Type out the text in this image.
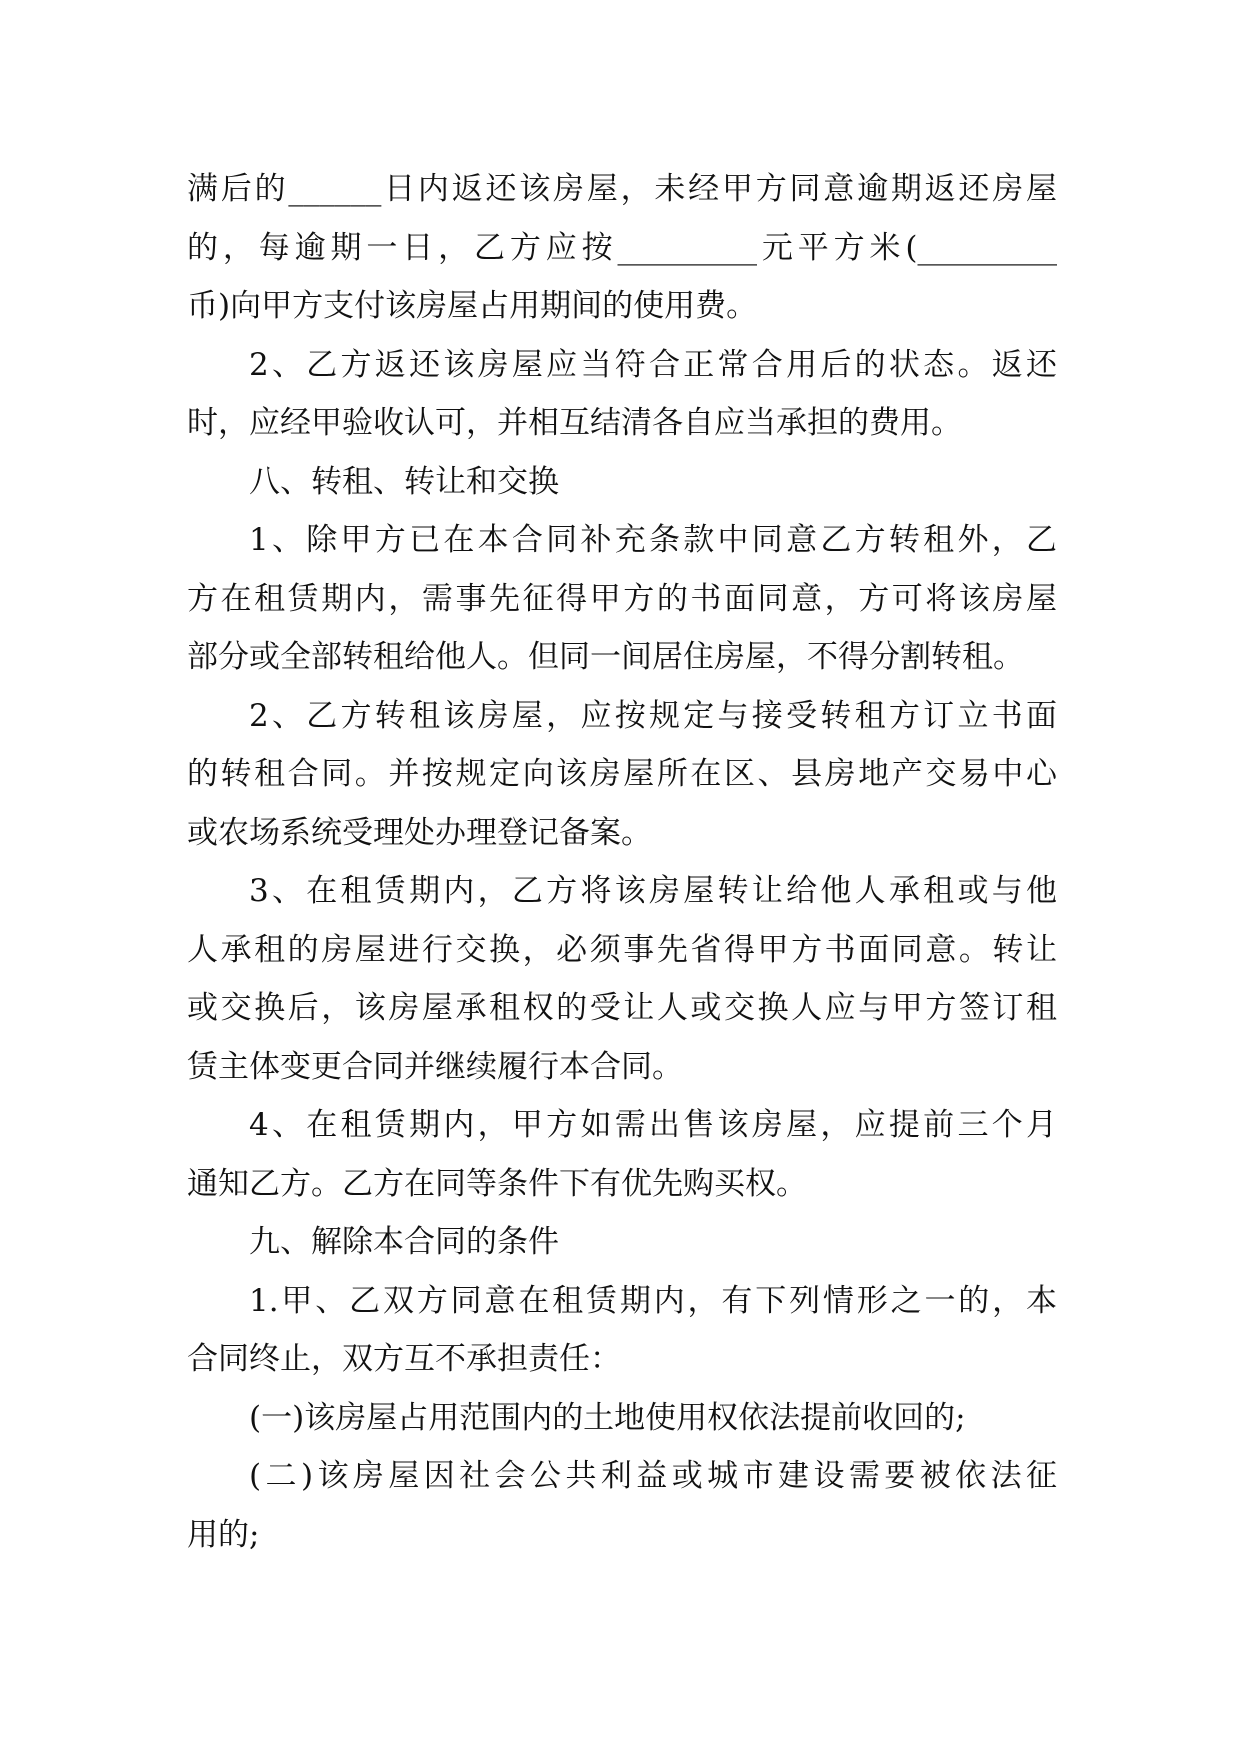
满后的______日内返还该房屋，未经甲方同意逾期返还房屋
的，每逾期一日，乙方应按_________元平方米(_________
币)向甲方支付该房屋占用期间的使用费。
2、乙方返还该房屋应当符合正常合用后的状态。返还
时，应经甲验收认可，并相互结清各自应当承担的费用。
八、转租、转让和交换
1、除甲方已在本合同补充条款中同意乙方转租外，乙
方在租赁期内，需事先征得甲方的书面同意，方可将该房屋
部分或全部转租给他人。但同一间居住房屋，不得分割转租。
2、乙方转租该房屋，应按规定与接受转租方订立书面
的转租合同。并按规定向该房屋所在区、县房地产交易中心
或农场系统受理处办理登记备案。
3、在租赁期内，乙方将该房屋转让给他人承租或与他
人承租的房屋进行交换，必须事先省得甲方书面同意。转让
或交换后，该房屋承租权的受让人或交换人应与甲方签订租
赁主体变更合同并继续履行本合同。
4、在租赁期内，甲方如需出售该房屋，应提前三个月
通知乙方。乙方在同等条件下有优先购买权。
九、解除本合同的条件
1.甲、乙双方同意在租赁期内，有下列情形之一的，本
合同终止，双方互不承担责任：
(一)该房屋占用范围内的土地使用权依法提前收回的;
(二)该房屋因社会公共利益或城市建设需要被依法征
用的;
